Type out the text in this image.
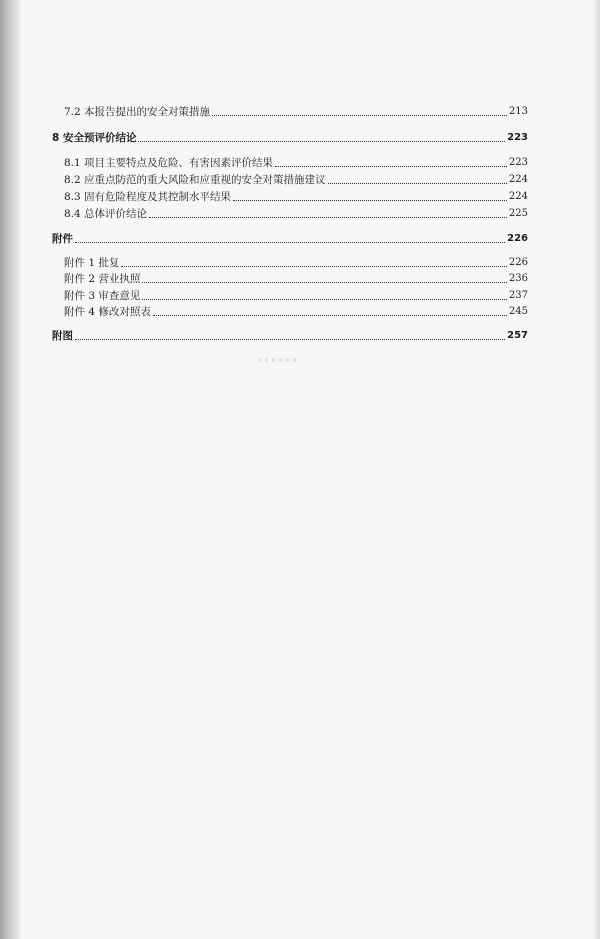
7.2 本报告提出的安全对策措施	213
8 安全预评价结论	223
8.1 项目主要特点及危险、有害因素评价结果	223
8.2 应重点防范的重大风险和应重视的安全对策措施建议	224
8.3 固有危险程度及其控制水平结果	224
8.4 总体评价结论	225
附件	226
附件 1 批复	226
附件 2 营业执照	236
附件 3 审查意见	237
附件 4 修改对照表	245
附图	257
